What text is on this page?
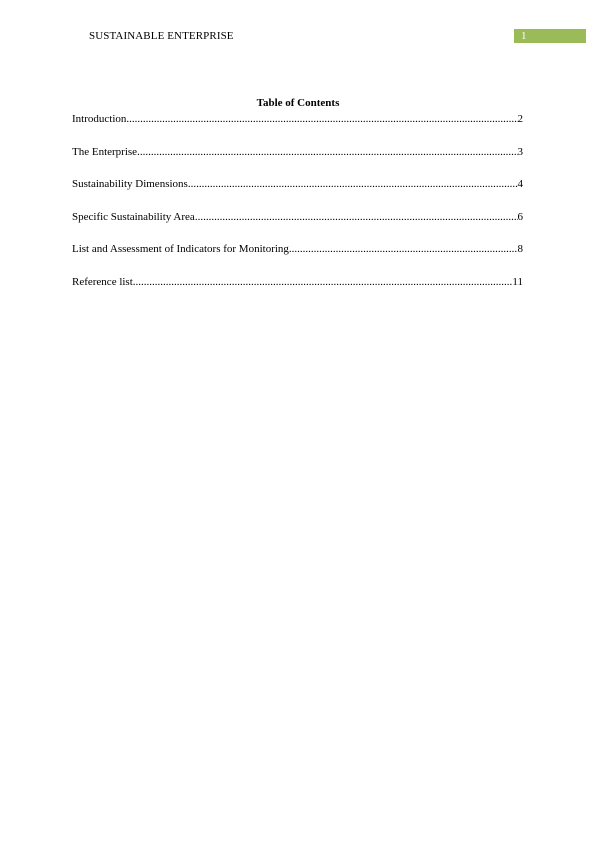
SUSTAINABLE ENTERPRISE	1
Table of Contents
Introduction .....	2
The Enterprise .....	3
Sustainability Dimensions .....	4
Specific Sustainability Area .....	6
List and Assessment of Indicators for Monitoring .....	8
Reference list .....	11
